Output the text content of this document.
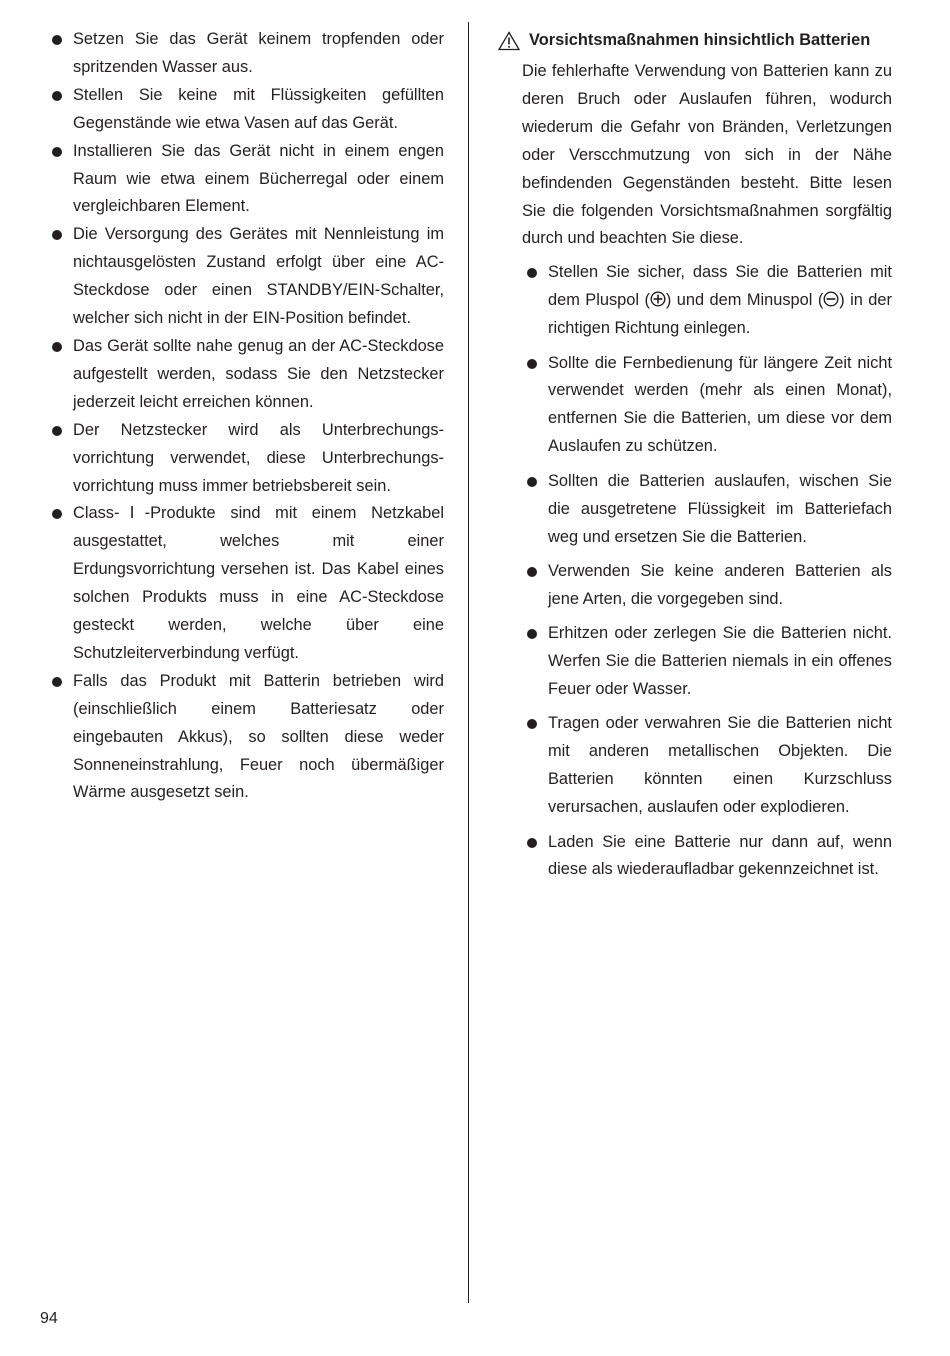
Setzen Sie das Gerät keinem tropfenden oder spritzenden Wasser aus.
Stellen Sie keine mit Flüssigkeiten gefüllten Gegenstände wie etwa Vasen auf das Gerät.
Installieren Sie das Gerät nicht in einem engen Raum wie etwa einem Bücherregal oder einem vergleichbaren Element.
Die Versorgung des Gerätes mit Nennleistung im nichtausgelösten Zustand erfolgt über eine AC-Steckdose oder einen STANDBY/EIN-Schalter, welcher sich nicht in der EIN-Position befindet.
Das Gerät sollte nahe genug an der AC-Steckdose aufgestellt werden, sodass Sie den Netzstecker jederzeit leicht erreichen können.
Der Netzstecker wird als Unterbrechungsvorrichtung verwendet, diese Unterbrechungsvorrichtung muss immer betriebsbereit sein.
Class-Ⅰ-Produkte sind mit einem Netzkabel ausgestattet, welches mit einer Erdungsvorrichtung versehen ist. Das Kabel eines solchen Produkts muss in eine AC-Steckdose gesteckt werden, welche über eine Schutzleiterverbindung verfügt.
Falls das Produkt mit Batterin betrieben wird (einschließlich einem Batteriesatz oder eingebauten Akkus), so sollten diese weder Sonneneinstrahlung, Feuer noch übermäßiger Wärme ausgesetzt sein.
Vorsichtsmaßnahmen hinsichtlich Batterien

Die fehlerhafte Verwendung von Batterien kann zu deren Bruch oder Auslaufen führen, wodurch wiederum die Gefahr von Bränden, Verletzungen oder Verscchmutzung von sich in der Nähe befindenden Gegenständen besteht. Bitte lesen Sie die folgenden Vorsichtsmaßnahmen sorgfältig durch und beachten Sie diese.

Stellen Sie sicher, dass Sie die Batterien mit dem Pluspol ( ) und dem Minuspol ( ) in der richtigen Richtung einlegen.
Sollte die Fernbedienung für längere Zeit nicht verwendet werden (mehr als einen Monat), entfernen Sie die Batterien, um diese vor dem Auslaufen zu schützen.
Sollten die Batterien auslaufen, wischen Sie die ausgetretene Flüssigkeit im Batteriefach weg und ersetzen Sie die Batterien.
Verwenden Sie keine anderen Batterien als jene Arten, die vorgegeben sind.
Erhitzen oder zerlegen Sie die Batterien nicht. Werfen Sie die Batterien niemals in ein offenes Feuer oder Wasser.
Tragen oder verwahren Sie die Batterien nicht mit anderen metallischen Objekten. Die Batterien könnten einen Kurzschluss verursachen, auslaufen oder explodieren.
Laden Sie eine Batterie nur dann auf, wenn diese als wiederaufladbar gekennzeichnet ist.
94
